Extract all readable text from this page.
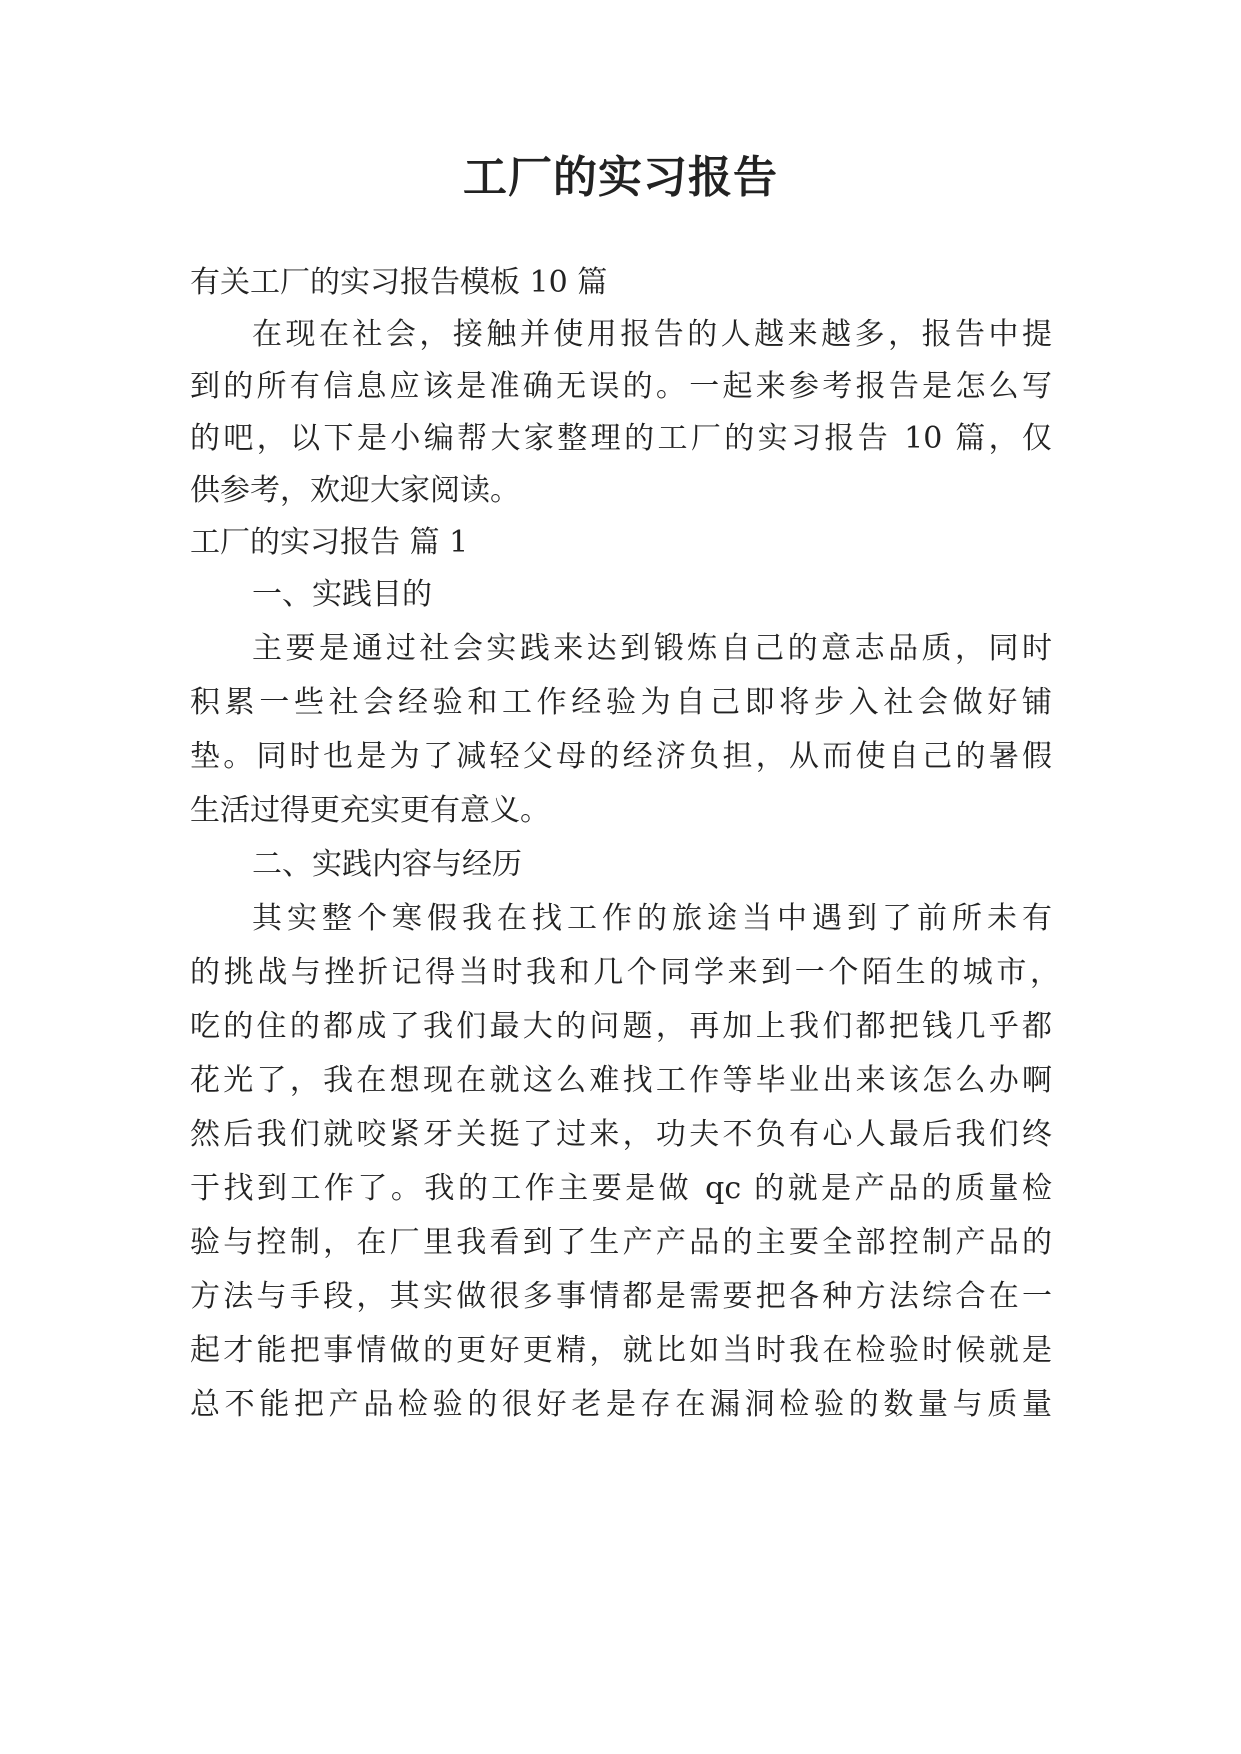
工厂的实习报告
有关工厂的实习报告模板 10 篇
在现在社会，接触并使用报告的人越来越多，报告中提
到的所有信息应该是准确无误的。一起来参考报告是怎么写
的吧，以下是小编帮大家整理的工厂的实习报告 10 篇，仅
供参考，欢迎大家阅读。
工厂的实习报告 篇 1
一、实践目的
主要是通过社会实践来达到锻炼自己的意志品质，同时
积累一些社会经验和工作经验为自己即将步入社会做好铺
垫。同时也是为了减轻父母的经济负担，从而使自己的暑假
生活过得更充实更有意义。
二、实践内容与经历
其实整个寒假我在找工作的旅途当中遇到了前所未有
的挑战与挫折记得当时我和几个同学来到一个陌生的城市，
吃的住的都成了我们最大的问题，再加上我们都把钱几乎都
花光了，我在想现在就这么难找工作等毕业出来该怎么办啊
然后我们就咬紧牙关挺了过来，功夫不负有心人最后我们终
于找到工作了。我的工作主要是做 qc 的就是产品的质量检
验与控制，在厂里我看到了生产产品的主要全部控制产品的
方法与手段，其实做很多事情都是需要把各种方法综合在一
起才能把事情做的更好更精，就比如当时我在检验时候就是
总不能把产品检验的很好老是存在漏洞检验的数量与质量
